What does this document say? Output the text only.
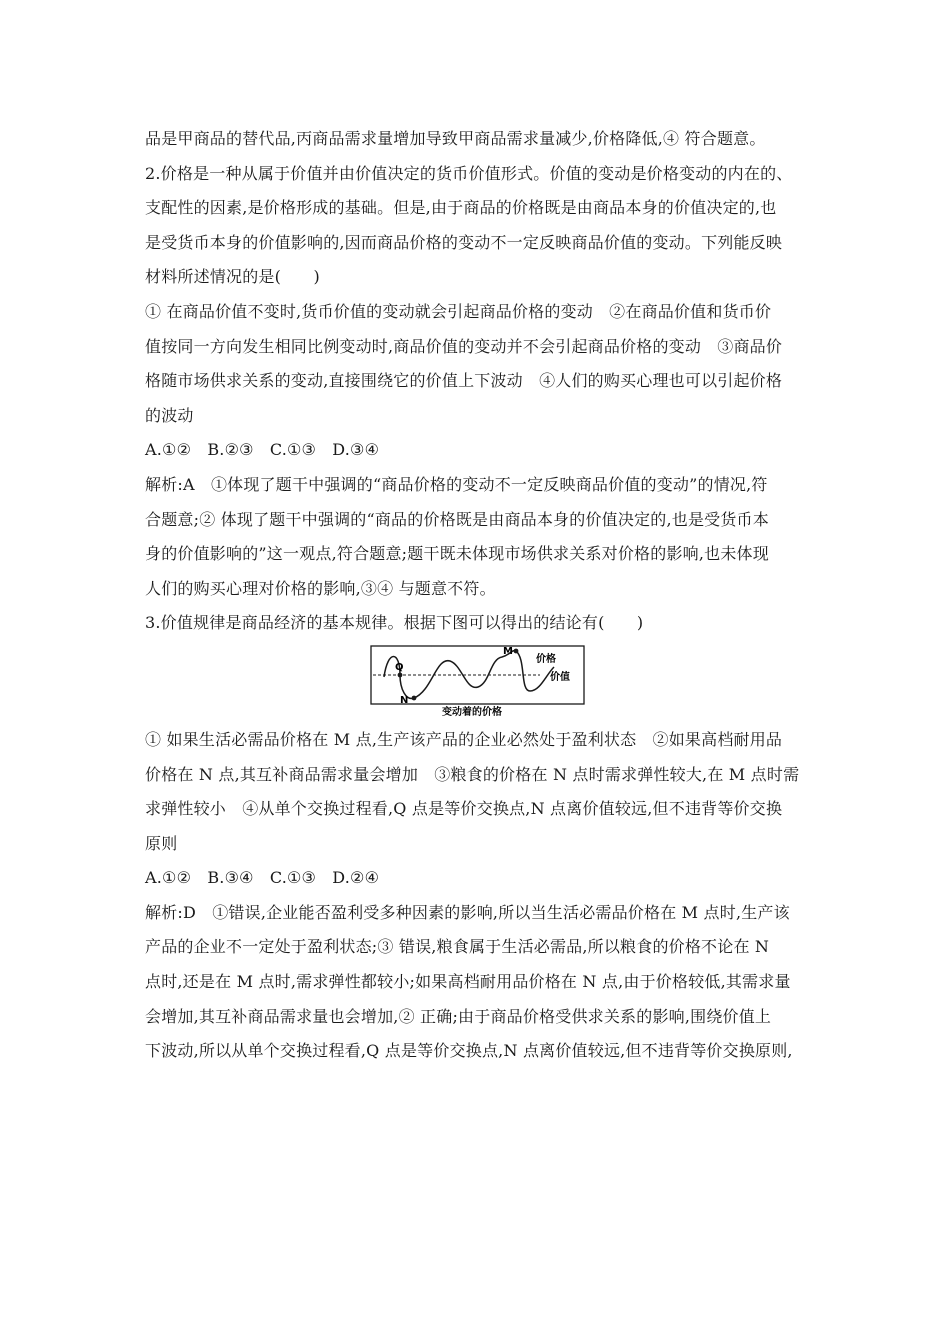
品是甲商品的替代品,丙商品需求量增加导致甲商品需求量减少,价格降低,④ 符合题意。
2.价格是一种从属于价值并由价值决定的货币价值形式。价值的变动是价格变动的内在的、
支配性的因素,是价格形成的基础。但是,由于商品的价格既是由商品本身的价值决定的,也
是受货币本身的价值影响的,因而商品价格的变动不一定反映商品价值的变动。下列能反映
材料所述情况的是(　　)
① 在商品价值不变时,货币价值的变动就会引起商品价格的变动　②在商品价值和货币价
值按同一方向发生相同比例变动时,商品价值的变动并不会引起商品价格的变动　③商品价
格随市场供求关系的变动,直接围绕它的价值上下波动　④人们的购买心理也可以引起价格
的波动
A.①②　B.②③　C.①③　D.③④
解析:A　①体现了题干中强调的“商品价格的变动不一定反映商品价值的变动”的情况,符
合题意;② 体现了题干中强调的“商品的价格既是由商品本身的价值决定的,也是受货币本
身的价值影响的”这一观点,符合题意;题干既未体现市场供求关系对价格的影响,也未体现
人们的购买心理对价格的影响,③④ 与题意不符。
3.价值规律是商品经济的基本规律。根据下图可以得出的结论有(　　)
Q
N
M
价格
价值
变动着的价格
① 如果生活必需品价格在 M 点,生产该产品的企业必然处于盈利状态　②如果高档耐用品
价格在 N 点,其互补商品需求量会增加　③粮食的价格在 N 点时需求弹性较大,在 M 点时需
求弹性较小　④从单个交换过程看,Q 点是等价交换点,N 点离价值较远,但不违背等价交换
原则
A.①②　B.③④　C.①③　D.②④
解析:D　①错误,企业能否盈利受多种因素的影响,所以当生活必需品价格在 M 点时,生产该
产品的企业不一定处于盈利状态;③ 错误,粮食属于生活必需品,所以粮食的价格不论在 N
点时,还是在 M 点时,需求弹性都较小;如果高档耐用品价格在 N 点,由于价格较低,其需求量
会增加,其互补商品需求量也会增加,② 正确;由于商品价格受供求关系的影响,围绕价值上
下波动,所以从单个交换过程看,Q 点是等价交换点,N 点离价值较远,但不违背等价交换原则,
